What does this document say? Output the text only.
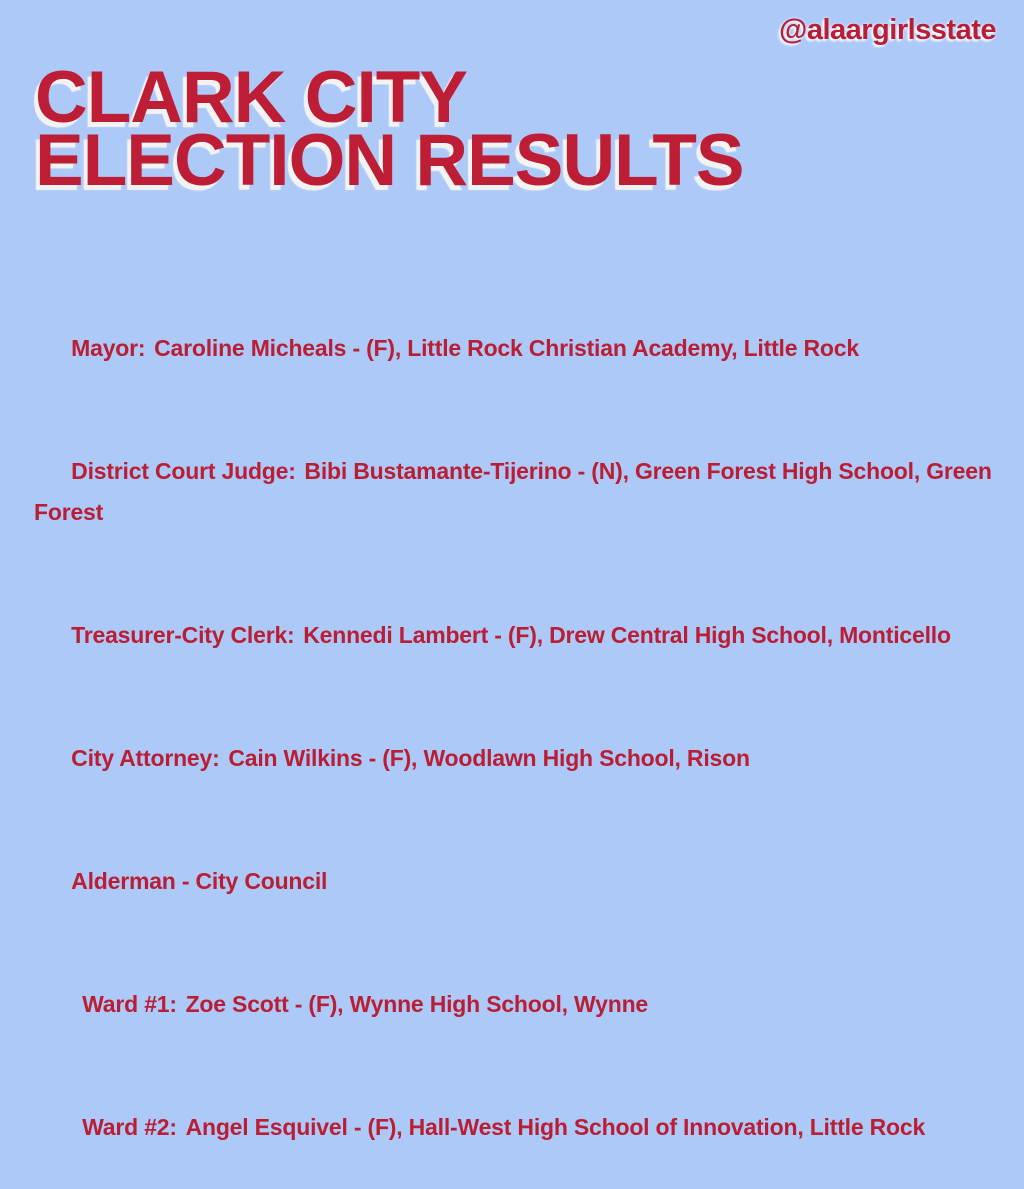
@alaargirlsstate
CLARK CITY
ELECTION RESULTS

Mayor: Caroline Micheals - (F), Little Rock Christian Academy, Little Rock

District Court Judge: Bibi Bustamante-Tijerino - (N), Green Forest High School, Green Forest

Treasurer-City Clerk: Kennedi Lambert - (F), Drew Central High School, Monticello

City Attorney: Cain Wilkins - (F), Woodlawn High School, Rison

Alderman - City Council

Ward #1: Zoe Scott - (F), Wynne High School, Wynne

Ward #2: Angel Esquivel - (F), Hall-West High School of Innovation, Little Rock
